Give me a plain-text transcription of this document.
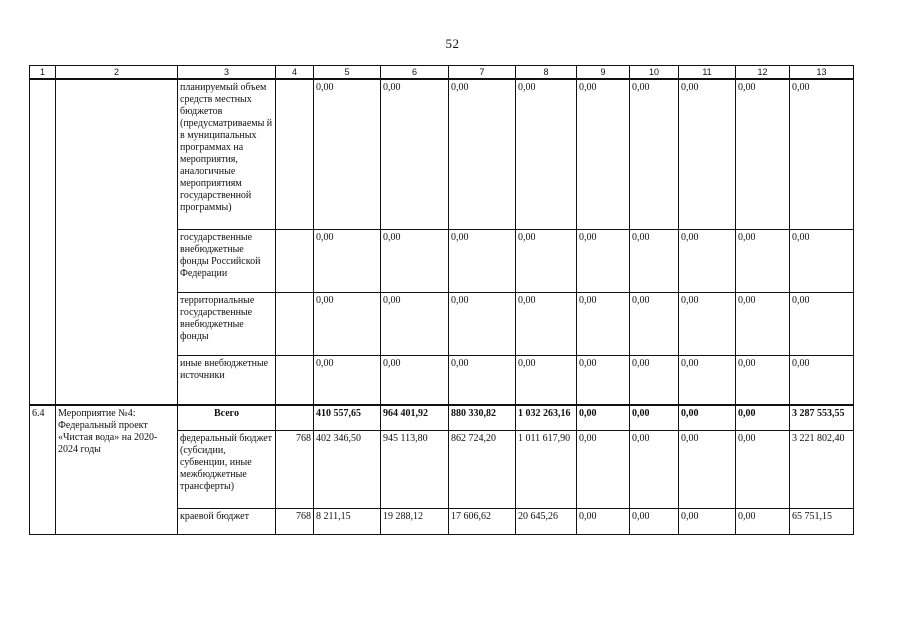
52
1	2	3	4	5	6	7	8	9	10	11	12	13
		планируемый объем средств местных бюджетов (предусматриваемы й в муниципальных программах на мероприятия, аналогичные мероприятиям государственной программы)		0,00	0,00	0,00	0,00	0,00	0,00	0,00	0,00	0,00
		государственные внебюджетные фонды Российской Федерации		0,00	0,00	0,00	0,00	0,00	0,00	0,00	0,00	0,00
		территориальные государственные внебюджетные фонды		0,00	0,00	0,00	0,00	0,00	0,00	0,00	0,00	0,00
		иные внебюджетные источники		0,00	0,00	0,00	0,00	0,00	0,00	0,00	0,00	0,00
6.4	Мероприятие №4: Федеральный проект «Чистая вода» на 2020-2024 годы	Всего		410 557,65	964 401,92	880 330,82	1 032 263,16	0,00	0,00	0,00	0,00	3 287 553,55
		федеральный бюджет (субсидии, субвенции, иные межбюджетные трансферты)	768	402 346,50	945 113,80	862 724,20	1 011 617,90	0,00	0,00	0,00	0,00	3 221 802,40
		краевой бюджет	768	8 211,15	19 288,12	17 606,62	20 645,26	0,00	0,00	0,00	0,00	65 751,15
